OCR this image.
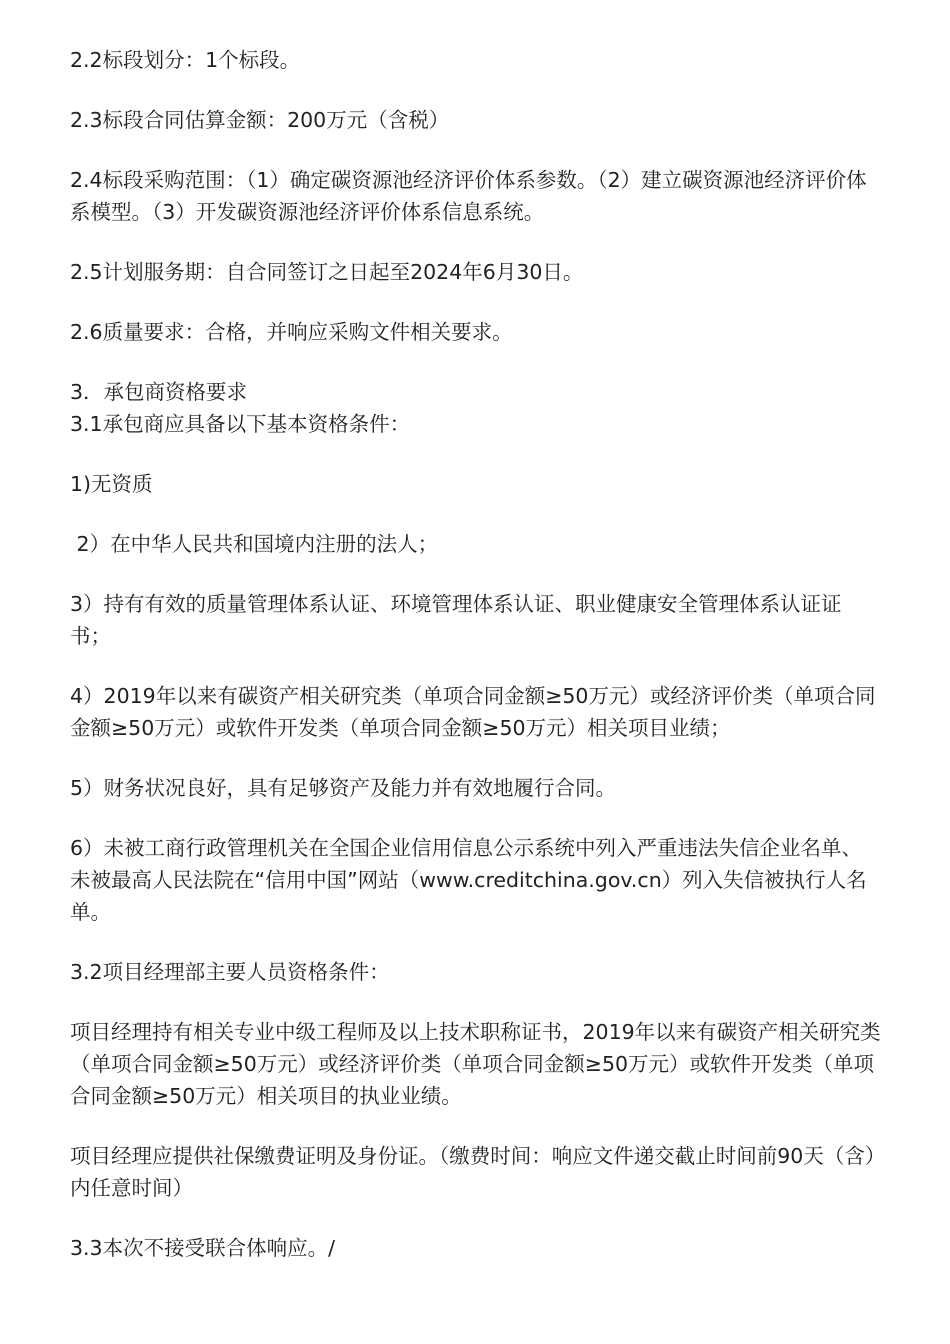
2.2标段划分：1个标段。

2.3标段合同估算金额：200万元（含税）

2.4标段采购范围：（1）确定碳资源池经济评价体系参数。（2）建立碳资源池经济评价体系模型。（3）开发碳资源池经济评价体系信息系统。

2.5计划服务期：自合同签订之日起至2024年6月30日。

2.6质量要求：合格，并响应采购文件相关要求。

3．承包商资格要求

3.1承包商应具备以下基本资格条件：

1)无资质

2）在中华人民共和国境内注册的法人；

3）持有有效的质量管理体系认证、环境管理体系认证、职业健康安全管理体系认证证书；

4）2019年以来有碳资产相关研究类（单项合同金额≥50万元）或经济评价类（单项合同金额≥50万元）或软件开发类（单项合同金额≥50万元）相关项目业绩；

5）财务状况良好，具有足够资产及能力并有效地履行合同。

6）未被工商行政管理机关在全国企业信用信息公示系统中列入严重违法失信企业名单、未被最高人民法院在“信用中国”网站（www.creditchina.gov.cn）列入失信被执行人名单。

3.2项目经理部主要人员资格条件：

项目经理持有相关专业中级工程师及以上技术职称证书，2019年以来有碳资产相关研究类（单项合同金额≥50万元）或经济评价类（单项合同金额≥50万元）或软件开发类（单项合同金额≥50万元）相关项目的执业业绩。

项目经理应提供社保缴费证明及身份证。（缴费时间：响应文件递交截止时间前90天（含）内任意时间）

3.3本次不接受联合体响应。/
